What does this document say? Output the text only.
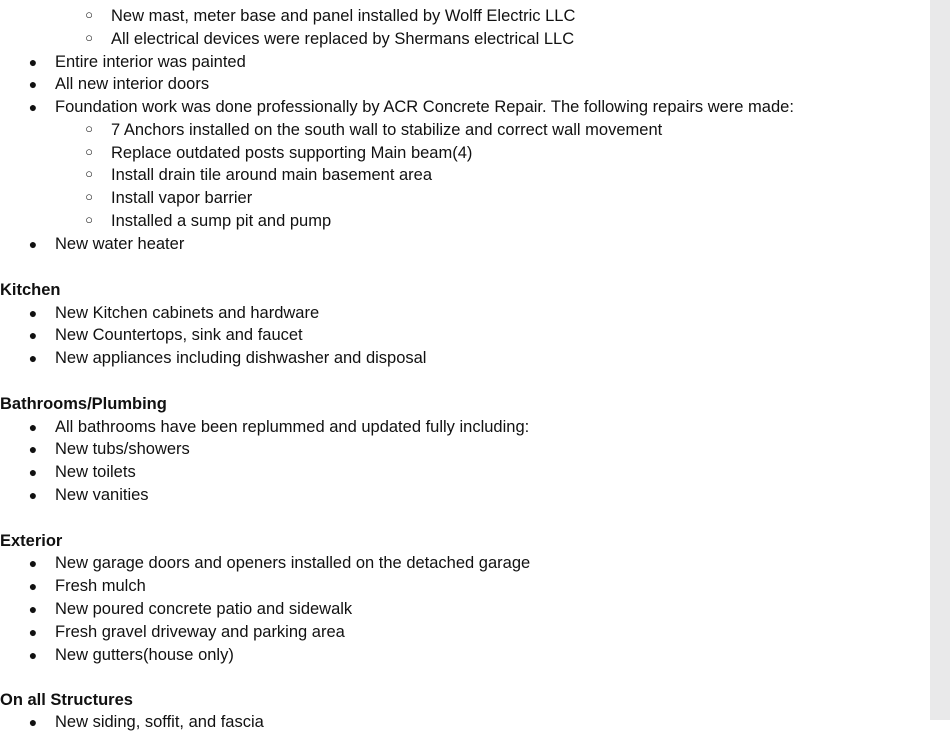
○ New mast, meter base and panel installed by Wolff Electric LLC
○ All electrical devices were replaced by Shermans electrical LLC
● Entire interior was painted
● All new interior doors
● Foundation work was done professionally by ACR Concrete Repair. The following repairs were made:
○ 7 Anchors installed on the south wall to stabilize and correct wall movement
○ Replace outdated posts supporting Main beam(4)
○ Install drain tile around main basement area
○ Install vapor barrier
○ Installed a sump pit and pump
● New water heater
Kitchen
● New Kitchen cabinets and hardware
● New Countertops, sink and faucet
● New appliances including dishwasher and disposal
Bathrooms/Plumbing
● All bathrooms have been replummed and updated fully including:
● New tubs/showers
● New toilets
● New vanities
Exterior
● New garage doors and openers installed on the detached garage
● Fresh mulch
● New poured concrete patio and sidewalk
● Fresh gravel driveway and parking area
● New gutters(house only)
On all Structures
● New siding, soffit, and fascia
